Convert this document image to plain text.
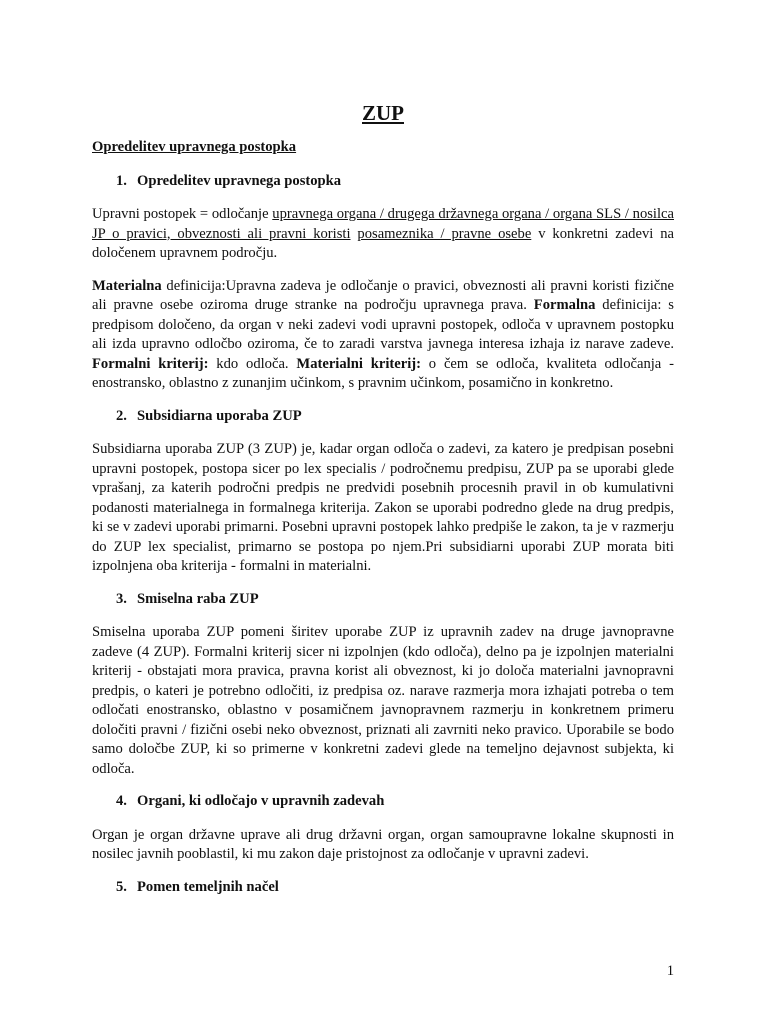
ZUP
Opredelitev upravnega postopka
1. Opredelitev upravnega postopka

Upravni postopek = odločanje upravnega organa / drugega državnega organa / organa SLS / nosilca JP o pravici, obveznosti ali pravni koristi posameznika / pravne osebe v konkretni zadevi na določenem upravnem področju.

Materialna definicija:Upravna zadeva je odločanje o pravici, obveznosti ali pravni koristi fizične ali pravne osebe oziroma druge stranke na področju upravnega prava. Formalna definicija: s predpisom določeno, da organ v neki zadevi vodi upravni postopek, odloča v upravnem postopku ali izda upravno odločbo oziroma, če to zaradi varstva javnega interesa izhaja iz narave zadeve. Formalni kriterij: kdo odloča. Materialni kriterij: o čem se odloča, kvaliteta odločanja - enostransko, oblastno z zunanjim učinkom, s pravnim učinkom, posamično in konkretno.

2. Subsidiarna uporaba ZUP

Subsidiarna uporaba ZUP (3 ZUP) je, kadar organ odloča o zadevi, za katero je predpisan posebni upravni postopek, postopa sicer po lex specialis / področnemu predpisu, ZUP pa se uporabi glede vprašanj, za katerih področni predpis ne predvidi posebnih procesnih pravil in ob kumulativni podanosti materialnega in formalnega kriterija. Zakon se uporabi podredno glede na drug predpis, ki se v zadevi uporabi primarni. Posebni upravni postopek lahko predpiše le zakon, ta je v razmerju do ZUP lex specialist, primarno se postopa po njem.Pri subsidiarni uporabi ZUP morata biti izpolnjena oba kriterija - formalni in materialni.

3. Smiselna raba ZUP

Smiselna uporaba ZUP pomeni širitev uporabe ZUP iz upravnih zadev na druge javnopravne zadeve (4 ZUP). Formalni kriterij sicer ni izpolnjen (kdo odloča), delno pa je izpolnjen materialni kriterij - obstajati mora pravica, pravna korist ali obveznost, ki jo določa materialni javnopravni predpis, o kateri je potrebno odločiti, iz predpisa oz. narave razmerja mora izhajati potreba o tem odločati enostransko, oblastno v posamičnem javnopravnem razmerju in konkretnem primeru določiti pravni / fizični osebi neko obveznost, priznati ali zavrniti neko pravico. Uporabile se bodo samo določbe ZUP, ki so primerne v konkretni zadevi glede na temeljno dejavnost subjekta, ki odloča.

4. Organi, ki odločajo v upravnih zadevah

Organ je organ državne uprave ali drug državni organ, organ samoupravne lokalne skupnosti in nosilec javnih pooblastil, ki mu zakon daje pristojnost za odločanje v upravni zadevi.

5. Pomen temeljnih načel
1
